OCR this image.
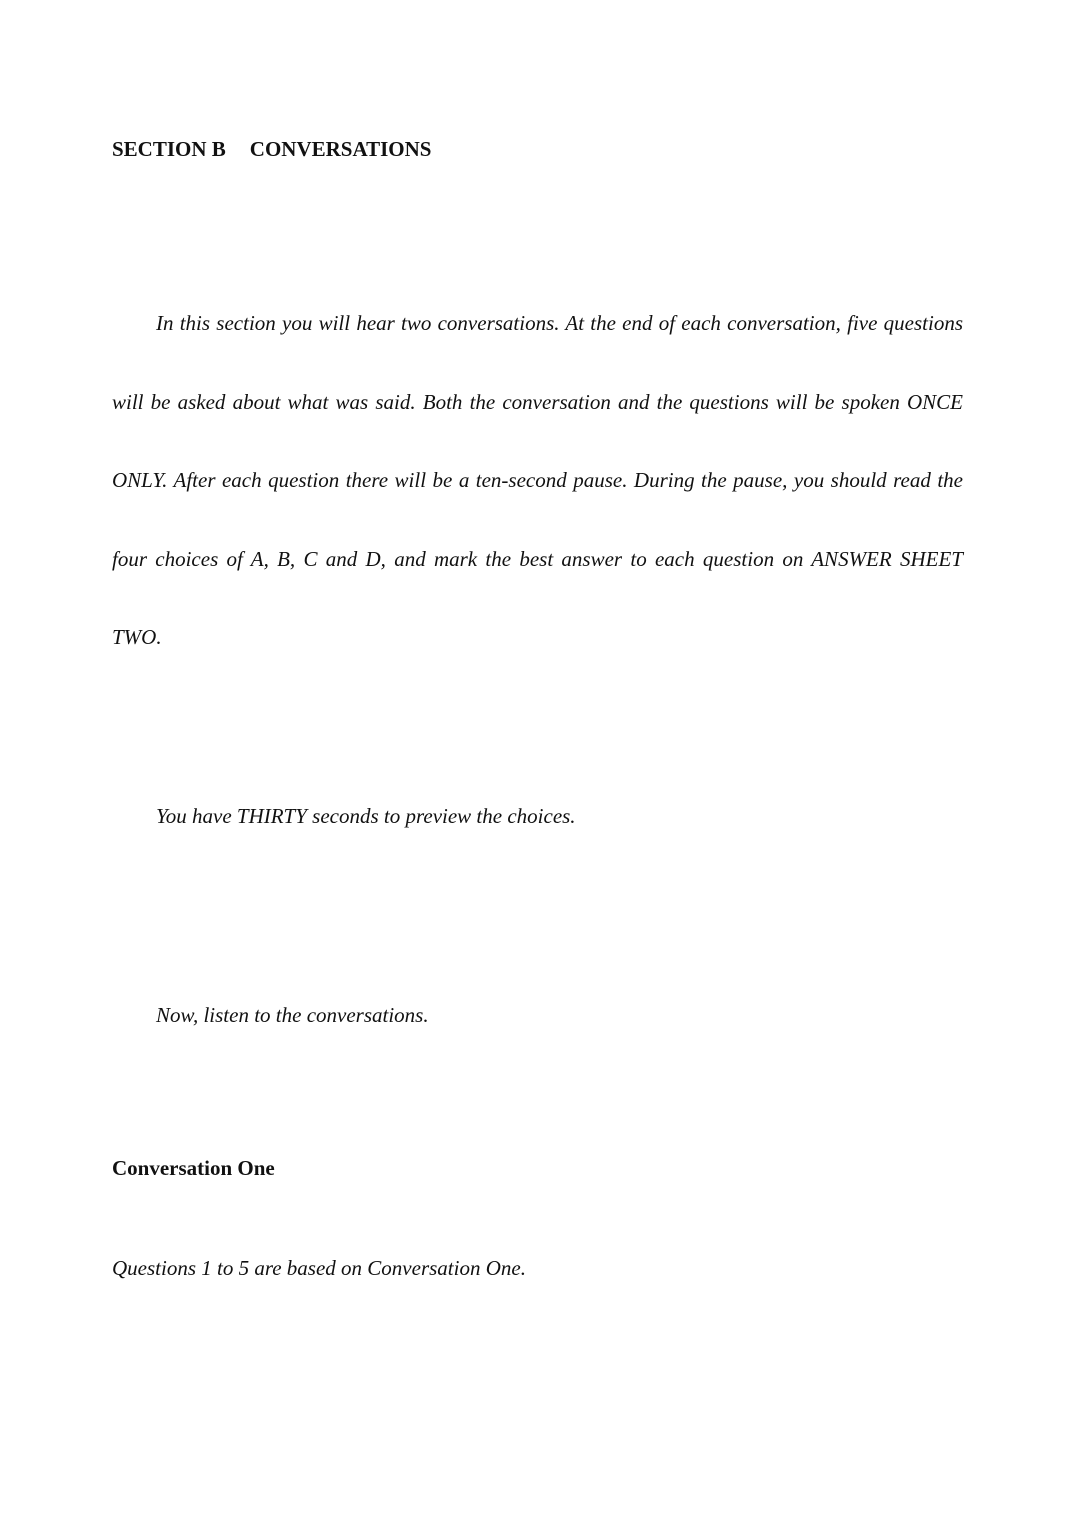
SECTION B CONVERSATIONS

In this section you will hear two conversations. At the end of each conversation, five questions will be asked about what was said. Both the conversation and the questions will be spoken ONCE ONLY. After each question there will be a ten-second pause. During the pause, you should read the four choices of A, B, C and D, and mark the best answer to each question on ANSWER SHEET TWO.

You have THIRTY seconds to preview the choices.
Now, listen to the conversations.
Conversation One
Questions 1 to 5 are based on Conversation One.
